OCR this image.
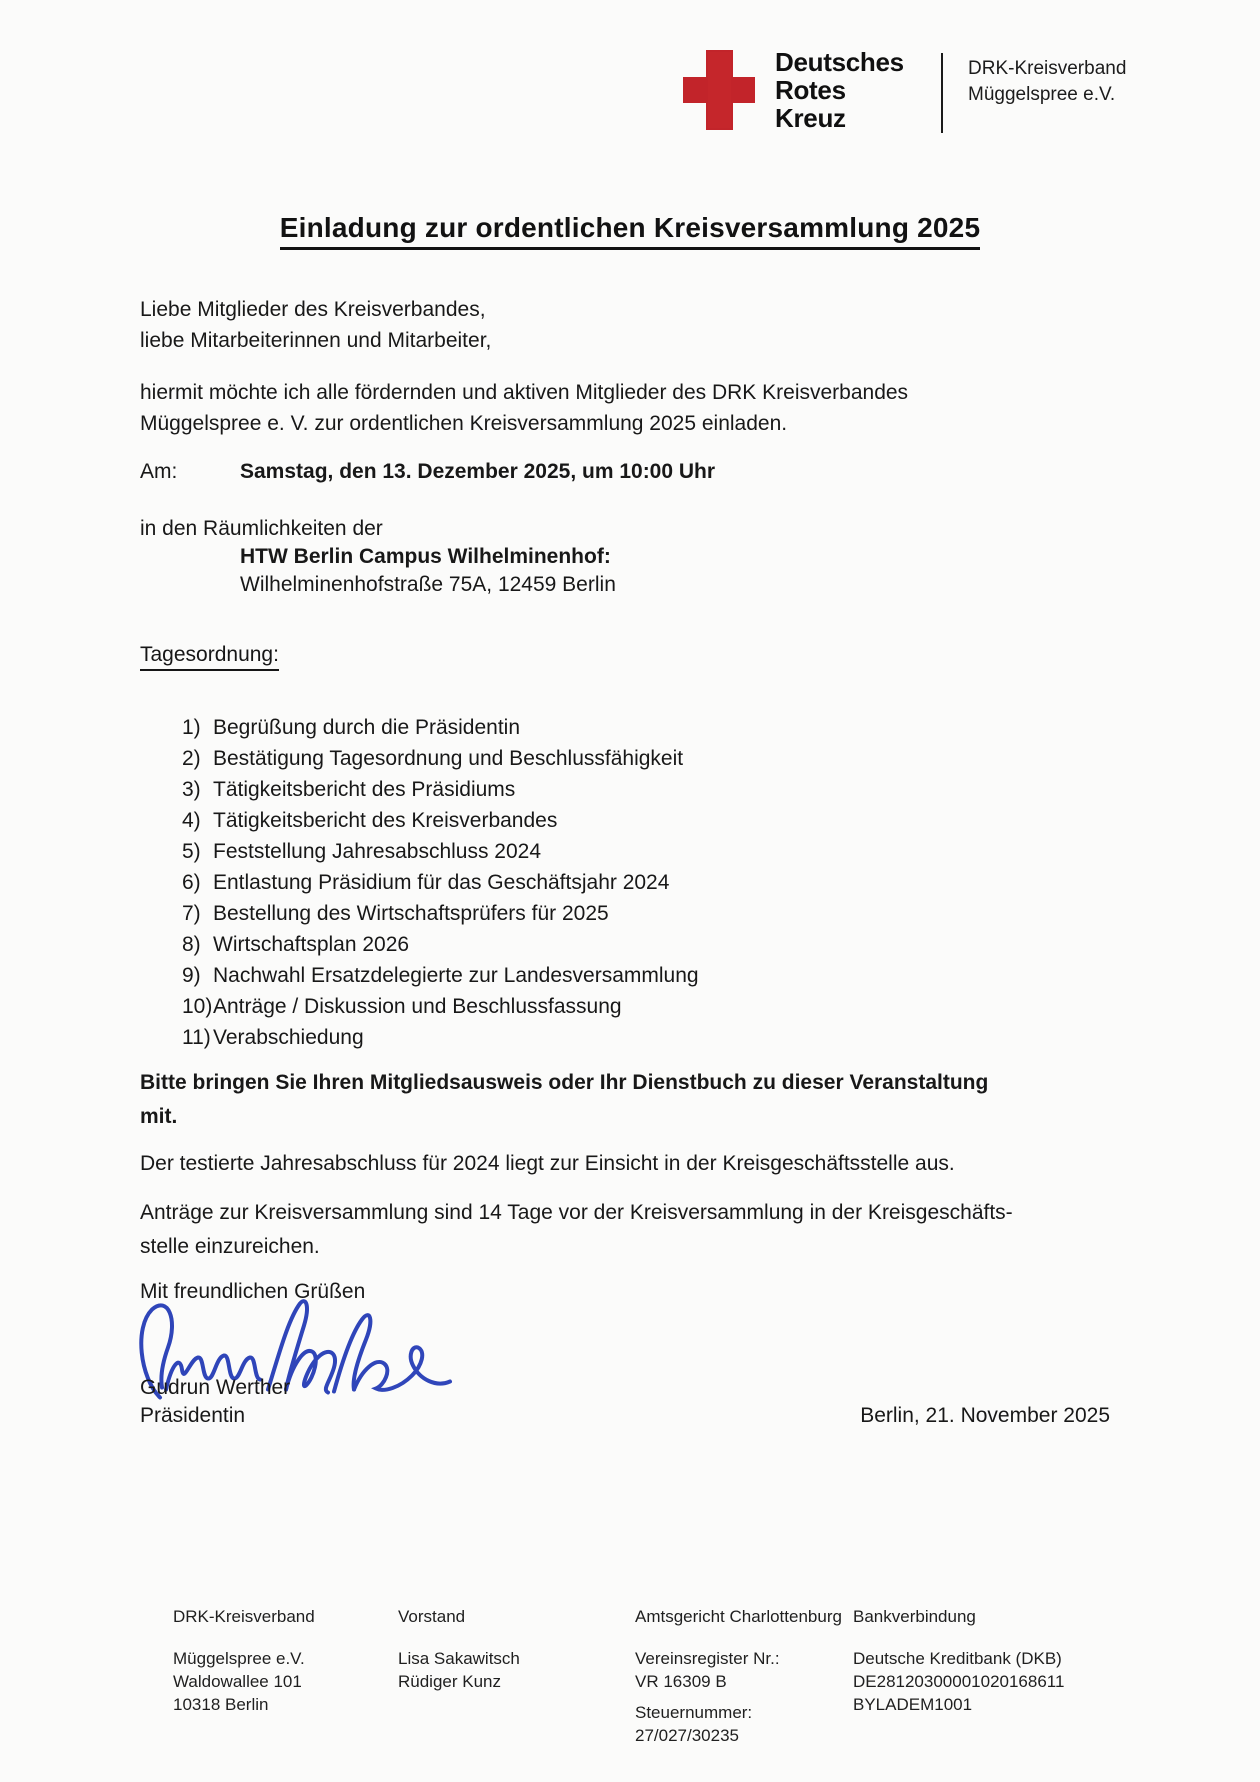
Deutsches
Rotes
Kreuz
DRK-Kreisverband
Müggelspree e.V.
Einladung zur ordentlichen Kreisversammlung 2025
Liebe Mitglieder des Kreisverbandes,
liebe Mitarbeiterinnen und Mitarbeiter,
hiermit möchte ich alle fördernden und aktiven Mitglieder des DRK Kreisverbandes
Müggelspree e. V. zur ordentlichen Kreisversammlung 2025 einladen.
Am:	Samstag, den 13. Dezember 2025, um 10:00 Uhr
in den Räumlichkeiten der
HTW Berlin Campus Wilhelminenhof:
Wilhelminenhofstraße 75A, 12459 Berlin
Tagesordnung:
1) Begrüßung durch die Präsidentin
2) Bestätigung Tagesordnung und Beschlussfähigkeit
3) Tätigkeitsbericht des Präsidiums
4) Tätigkeitsbericht des Kreisverbandes
5) Feststellung Jahresabschluss 2024
6) Entlastung Präsidium für das Geschäftsjahr 2024
7) Bestellung des Wirtschaftsprüfers für 2025
8) Wirtschaftsplan 2026
9) Nachwahl Ersatzdelegierte zur Landesversammlung
10) Anträge / Diskussion und Beschlussfassung
11) Verabschiedung
Bitte bringen Sie Ihren Mitgliedsausweis oder Ihr Dienstbuch zu dieser Veranstaltung
mit.
Der testierte Jahresabschluss für 2024 liegt zur Einsicht in der Kreisgeschäftsstelle aus.
Anträge zur Kreisversammlung sind 14 Tage vor der Kreisversammlung in der Kreisgeschäfts-
stelle einzureichen.
Mit freundlichen Grüßen
Gudrun Werther
Präsidentin	Berlin, 21. November 2025
DRK-Kreisverband
Müggelspree e.V.
Waldowallee 101
10318 Berlin
Vorstand
Lisa Sakawitsch
Rüdiger Kunz
Amtsgericht Charlottenburg
Vereinsregister Nr.:
VR 16309 B
Steuernummer:
27/027/30235
Bankverbindung
Deutsche Kreditbank (DKB)
DE28120300001020168611
BYLADEM1001
